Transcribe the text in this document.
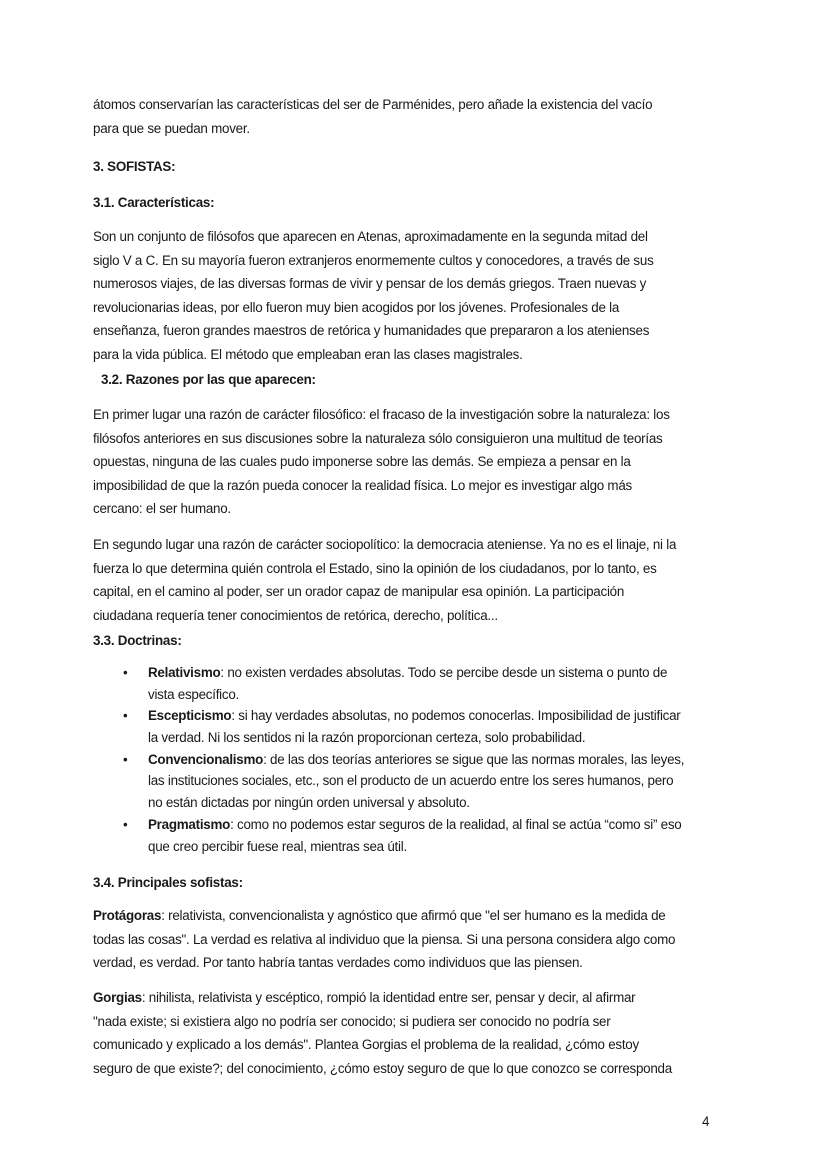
átomos conservarían las características del ser de Parménides, pero añade la existencia del vacío
para que se puedan mover.
3. SOFISTAS:
3.1. Características:
Son un conjunto de filósofos que aparecen en Atenas, aproximadamente en la segunda mitad del
siglo V a C. En su mayoría fueron extranjeros enormemente cultos y conocedores, a través de sus
numerosos viajes, de las diversas formas de vivir y pensar de los demás griegos. Traen nuevas y
revolucionarias ideas, por ello fueron muy bien acogidos por los jóvenes. Profesionales de la
enseñanza, fueron grandes maestros de retórica y humanidades que prepararon a los atenienses
para la vida pública. El método que empleaban eran las clases magistrales.
3.2. Razones por las que aparecen:
En primer lugar una razón de carácter filosófico: el fracaso de la investigación sobre la naturaleza: los
filósofos anteriores en sus discusiones sobre la naturaleza sólo consiguieron una multitud de teorías
opuestas, ninguna de las cuales pudo imponerse sobre las demás. Se empieza a pensar en la
imposibilidad de que la razón pueda conocer la realidad física. Lo mejor es investigar algo más
cercano: el ser humano.
En segundo lugar una razón de carácter sociopolítico: la democracia ateniense. Ya no es el linaje, ni la
fuerza lo que determina quién controla el Estado, sino la opinión de los ciudadanos, por lo tanto, es
capital, en el camino al poder, ser un orador capaz de manipular esa opinión. La participación
ciudadana requería tener conocimientos de retórica, derecho, política...
3.3. Doctrinas:
• Relativismo: no existen verdades absolutas. Todo se percibe desde un sistema o punto de
vista específico.
• Escepticismo: si hay verdades absolutas, no podemos conocerlas. Imposibilidad de justificar
la verdad. Ni los sentidos ni la razón proporcionan certeza, solo probabilidad.
• Convencionalismo: de las dos teorías anteriores se sigue que las normas morales, las leyes,
las instituciones sociales, etc., son el producto de un acuerdo entre los seres humanos, pero
no están dictadas por ningún orden universal y absoluto.
• Pragmatismo: como no podemos estar seguros de la realidad, al final se actúa “como si” eso
que creo percibir fuese real, mientras sea útil.
3.4. Principales sofistas:
Protágoras: relativista, convencionalista y agnóstico que afirmó que "el ser humano es la medida de
todas las cosas". La verdad es relativa al individuo que la piensa. Si una persona considera algo como
verdad, es verdad. Por tanto habría tantas verdades como individuos que las piensen.
Gorgias: nihilista, relativista y escéptico, rompió la identidad entre ser, pensar y decir, al afirmar
"nada existe; si existiera algo no podría ser conocido; si pudiera ser conocido no podría ser
comunicado y explicado a los demás". Plantea Gorgias el problema de la realidad, ¿cómo estoy
seguro de que existe?; del conocimiento, ¿cómo estoy seguro de que lo que conozco se corresponda
4
